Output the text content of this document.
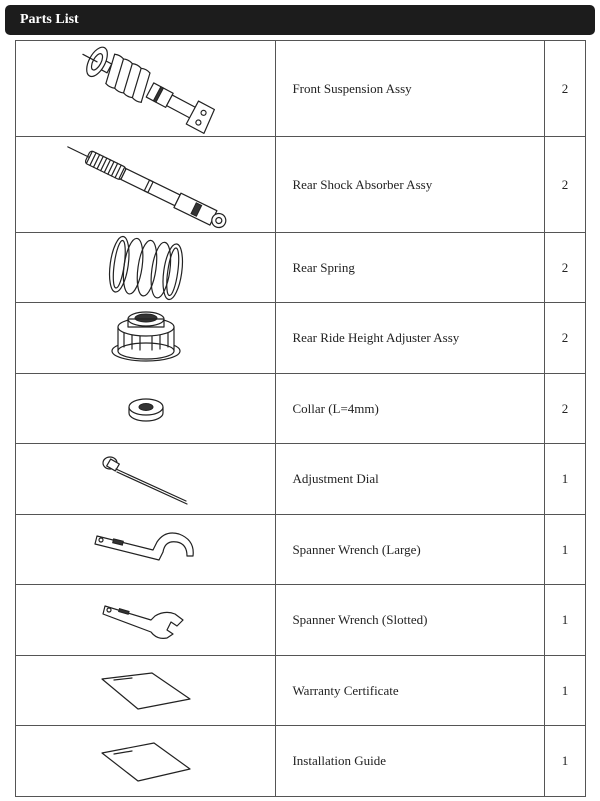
Parts List
	Front Suspension Assy	2

	Rear Shock Absorber Assy	2

	Rear Spring	2

	Rear Ride Height Adjuster Assy	2

	Collar (L=4mm)	2

	Adjustment Dial	1

	Spanner Wrench (Large)	1

	Spanner Wrench (Slotted)	1

	Warranty Certificate	1

	Installation Guide	1
